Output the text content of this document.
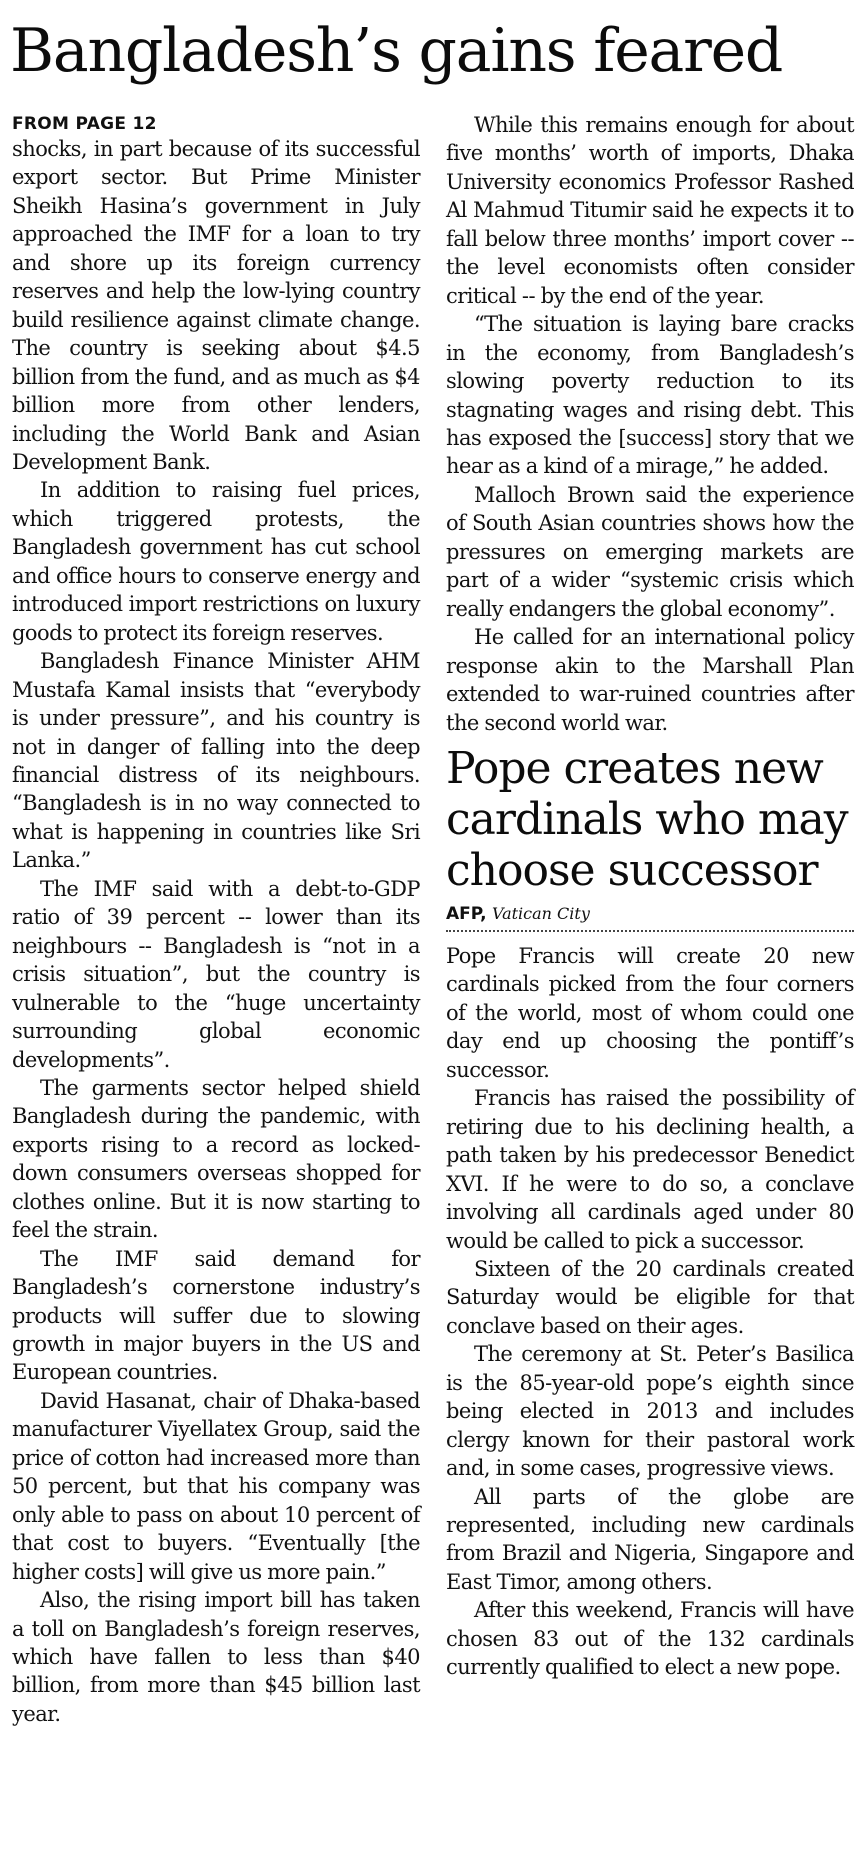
Bangladesh’s gains feared

FROM PAGE 12

shocks, in part because of its successful export sector. But Prime Minister Sheikh Hasina’s government in July approached the IMF for a loan to try and shore up its foreign currency reserves and help the low-lying country build resilience against climate change. The country is seeking about $4.5 billion from the fund, and as much as $4 billion more from other lenders, including the World Bank and Asian Development Bank.

In addition to raising fuel prices, which triggered protests, the Bangladesh government has cut school and office hours to conserve energy and introduced import restrictions on luxury goods to protect its foreign reserves.

Bangladesh Finance Minister AHM Mustafa Kamal insists that “everybody is under pressure”, and his country is not in danger of falling into the deep financial distress of its neighbours. “Bangladesh is in no way connected to what is happening in countries like Sri Lanka.”

The IMF said with a debt-to-GDP ratio of 39 percent -- lower than its neighbours -- Bangladesh is “not in a crisis situation”, but the country is vulnerable to the “huge uncertainty surrounding global economic developments”.

The garments sector helped shield Bangladesh during the pandemic, with exports rising to a record as locked-down consumers overseas shopped for clothes online. But it is now starting to feel the strain.

The IMF said demand for Bangladesh’s cornerstone industry’s products will suffer due to slowing growth in major buyers in the US and European countries.

David Hasanat, chair of Dhaka-based manufacturer Viyellatex Group, said the price of cotton had increased more than 50 percent, but that his company was only able to pass on about 10 percent of that cost to buyers. “Eventually [the higher costs] will give us more pain.”

Also, the rising import bill has taken a toll on Bangladesh’s foreign reserves, which have fallen to less than $40 billion, from more than $45 billion last year.

While this remains enough for about five months’ worth of imports, Dhaka University economics Professor Rashed Al Mahmud Titumir said he expects it to fall below three months’ import cover -- the level economists often consider critical -- by the end of the year.

“The situation is laying bare cracks in the economy, from Bangladesh’s slowing poverty reduction to its stagnating wages and rising debt. This has exposed the [success] story that we hear as a kind of a mirage,” he added.

Malloch Brown said the experience of South Asian countries shows how the pressures on emerging markets are part of a wider “systemic crisis which really endangers the global economy”.

He called for an international policy response akin to the Marshall Plan extended to war-ruined countries after the second world war.

Pope creates new cardinals who may choose successor

AFP, Vatican City

Pope Francis will create 20 new cardinals picked from the four corners of the world, most of whom could one day end up choosing the pontiff’s successor.

Francis has raised the possibility of retiring due to his declining health, a path taken by his predecessor Benedict XVI. If he were to do so, a conclave involving all cardinals aged under 80 would be called to pick a successor.

Sixteen of the 20 cardinals created Saturday would be eligible for that conclave based on their ages.

The ceremony at St. Peter’s Basilica is the 85-year-old pope’s eighth since being elected in 2013 and includes clergy known for their pastoral work and, in some cases, progressive views.

All parts of the globe are represented, including new cardinals from Brazil and Nigeria, Singapore and East Timor, among others.

After this weekend, Francis will have chosen 83 out of the 132 cardinals currently qualified to elect a new pope.
